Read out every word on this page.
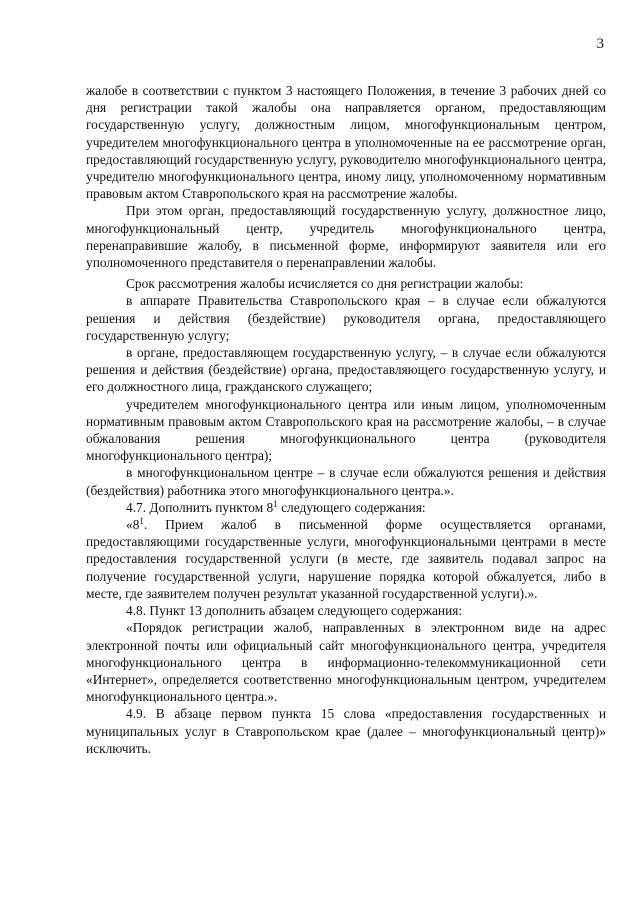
3

жалобе в соответствии с пунктом 3 настоящего Положения, в течение 3 рабочих дней со дня регистрации такой жалобы она направляется органом, предоставляющим государственную услугу, должностным лицом, многофункциональным центром, учредителем многофункционального центра в уполномоченные на ее рассмотрение орган, предоставляющий государственную услугу, руководителю многофункционального центра, учредителю многофункционального центра, иному лицу, уполномоченному нормативным правовым актом Ставропольского края на рассмотрение жалобы.

При этом орган, предоставляющий государственную услугу, должностное лицо, многофункциональный центр, учредитель многофункционального центра, перенаправившие жалобу, в письменной форме, информируют заявителя или его уполномоченного представителя о перенаправлении жалобы.

Срок рассмотрения жалобы исчисляется со дня регистрации жалобы:

в аппарате Правительства Ставропольского края – в случае если обжалуются решения и действия (бездействие) руководителя органа, предоставляющего государственную услугу;

в органе, предоставляющем государственную услугу, – в случае если обжалуются решения и действия (бездействие) органа, предоставляющего государственную услугу, и его должностного лица, гражданского служащего;

учредителем многофункционального центра или иным лицом, уполномоченным нормативным правовым актом Ставропольского края на рассмотрение жалобы, – в случае обжалования решения многофункционального центра (руководителя многофункционального центра);

в многофункциональном центре – в случае если обжалуются решения и действия (бездействия) работника этого многофункционального центра.».

4.7. Дополнить пунктом $8^1$ следующего содержания:

«$8^1$. Прием жалоб в письменной форме осуществляется органами, предоставляющими государственные услуги, многофункциональными центрами в месте предоставления государственной услуги (в месте, где заявитель подавал запрос на получение государственной услуги, нарушение порядка которой обжалуется, либо в месте, где заявителем получен результат указанной государственной услуги).».

4.8. Пункт 13 дополнить абзацем следующего содержания:

«Порядок регистрации жалоб, направленных в электронном виде на адрес электронной почты или официальный сайт многофункционального центра, учредителя многофункционального центра в информационно-телекоммуникационной сети «Интернет», определяется соответственно многофункциональным центром, учредителем многофункционального центра.».

4.9. В абзаце первом пункта 15 слова «предоставления государственных и муниципальных услуг в Ставропольском крае (далее – многофункциональный центр)» исключить.
